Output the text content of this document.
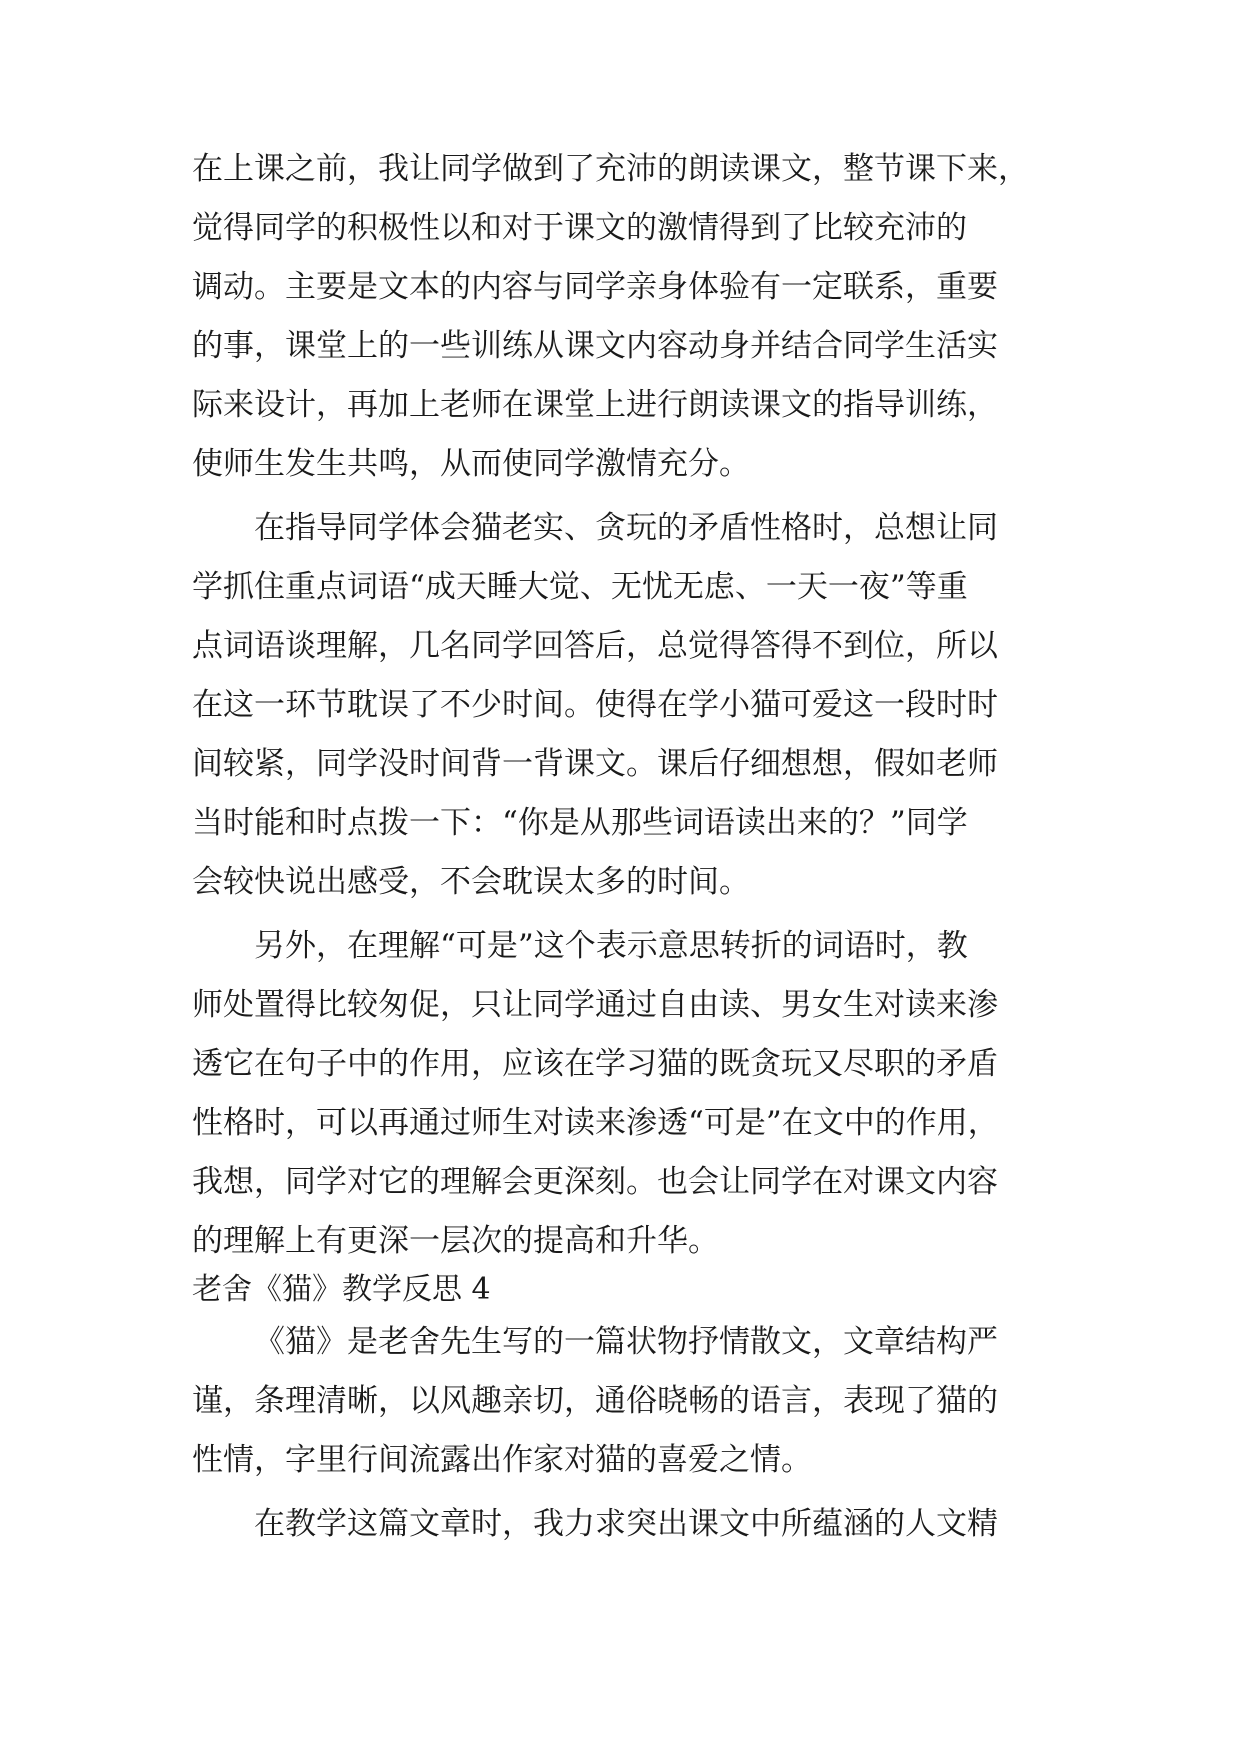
在上课之前，我让同学做到了充沛的朗读课文，整节课下来，
觉得同学的积极性以和对于课文的激情得到了比较充沛的
调动。主要是文本的内容与同学亲身体验有一定联系，重要
的事，课堂上的一些训练从课文内容动身并结合同学生活实
际来设计，再加上老师在课堂上进行朗读课文的指导训练，
使师生发生共鸣，从而使同学激情充分。
在指导同学体会猫老实、贪玩的矛盾性格时，总想让同
学抓住重点词语“成天睡大觉、无忧无虑、一天一夜”等重
点词语谈理解，几名同学回答后，总觉得答得不到位，所以
在这一环节耽误了不少时间。使得在学小猫可爱这一段时时
间较紧，同学没时间背一背课文。课后仔细想想，假如老师
当时能和时点拨一下：“你是从那些词语读出来的？”同学
会较快说出感受，不会耽误太多的时间。
另外，在理解“可是”这个表示意思转折的词语时，教
师处置得比较匆促，只让同学通过自由读、男女生对读来渗
透它在句子中的作用，应该在学习猫的既贪玩又尽职的矛盾
性格时，可以再通过师生对读来渗透“可是”在文中的作用，
我想，同学对它的理解会更深刻。也会让同学在对课文内容
的理解上有更深一层次的提高和升华。
老舍《猫》教学反思 4
《猫》是老舍先生写的一篇状物抒情散文，文章结构严
谨，条理清晰，以风趣亲切，通俗晓畅的语言，表现了猫的
性情，字里行间流露出作家对猫的喜爱之情。
在教学这篇文章时，我力求突出课文中所蕴涵的人文精
